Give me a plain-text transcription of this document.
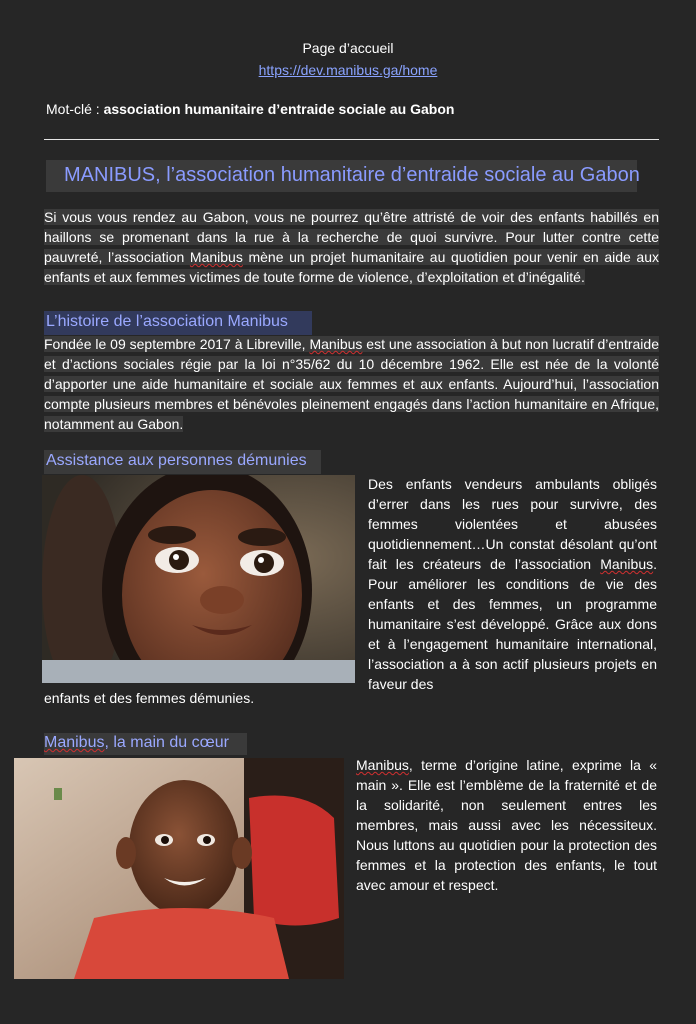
Page d’accueil
https://dev.manibus.ga/home
Mot-clé : association humanitaire d’entraide sociale au Gabon
MANIBUS, l’association humanitaire d’entraide sociale au Gabon
Si vous vous rendez au Gabon, vous ne pourrez qu’être attristé de voir des enfants habillés en haillons se promenant dans la rue à la recherche de quoi survivre. Pour lutter contre cette pauvreté, l’association Manibus mène un projet humanitaire au quotidien pour venir en aide aux enfants et aux femmes victimes de toute forme de violence, d’exploitation et d’inégalité.
L’histoire de l’association Manibus
Fondée le 09 septembre 2017 à Libreville, Manibus est une association à but non lucratif d’entraide et d’actions sociales régie par la loi n°35/62 du 10 décembre 1962. Elle est née de la volonté d’apporter une aide humanitaire et sociale aux femmes et aux enfants. Aujourd’hui, l’association compte plusieurs membres et bénévoles pleinement engagés dans l’action humanitaire en Afrique, notamment au Gabon.
Assistance aux personnes démunies
Des enfants vendeurs ambulants obligés d’errer dans les rues pour survivre, des femmes violentées et abusées quotidiennement…Un constat désolant qu’ont fait les créateurs de l’association Manibus. Pour améliorer les conditions de vie des enfants et des femmes, un programme humanitaire s’est développé. Grâce aux dons et à l’engagement humanitaire international, l’association a à son actif plusieurs projets en faveur des
enfants et des femmes démunies.
Manibus, la main du cœur
Manibus, terme d’origine latine, exprime la « main ». Elle est l’emblème de la fraternité et de la solidarité, non seulement entres les membres, mais aussi avec les nécessiteux. Nous luttons au quotidien pour la protection des femmes et la protection des enfants, le tout avec amour et respect.
